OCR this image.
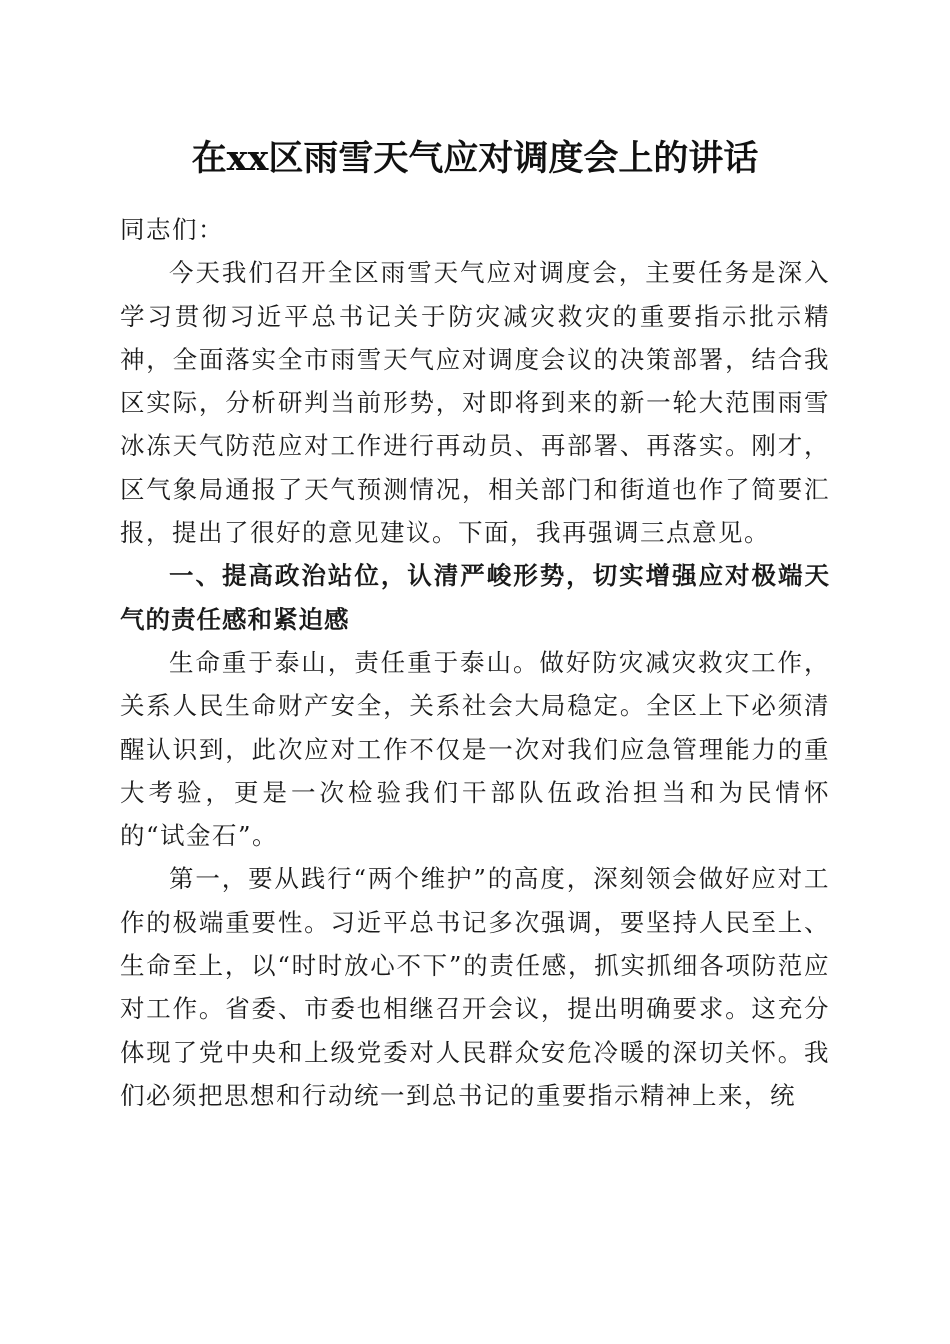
在xx区雨雪天气应对调度会上的讲话

同志们：

今天我们召开全区雨雪天气应对调度会，主要任务是深入学习贯彻习近平总书记关于防灾减灾救灾的重要指示批示精神，全面落实全市雨雪天气应对调度会议的决策部署，结合我区实际，分析研判当前形势，对即将到来的新一轮大范围雨雪冰冻天气防范应对工作进行再动员、再部署、再落实。刚才，区气象局通报了天气预测情况，相关部门和街道也作了简要汇报，提出了很好的意见建议。下面，我再强调三点意见。

一、提高政治站位，认清严峻形势，切实增强应对极端天气的责任感和紧迫感

生命重于泰山，责任重于泰山。做好防灾减灾救灾工作，关系人民生命财产安全，关系社会大局稳定。全区上下必须清醒认识到，此次应对工作不仅是一次对我们应急管理能力的重大考验，更是一次检验我们干部队伍政治担当和为民情怀的“试金石”。

第一，要从践行“两个维护”的高度，深刻领会做好应对工作的极端重要性。习近平总书记多次强调，要坚持人民至上、生命至上，以“时时放心不下”的责任感，抓实抓细各项防范应对工作。省委、市委也相继召开会议，提出明确要求。这充分体现了党中央和上级党委对人民群众安危冷暖的深切关怀。我们必须把思想和行动统一到总书记的重要指示精神上来，统
